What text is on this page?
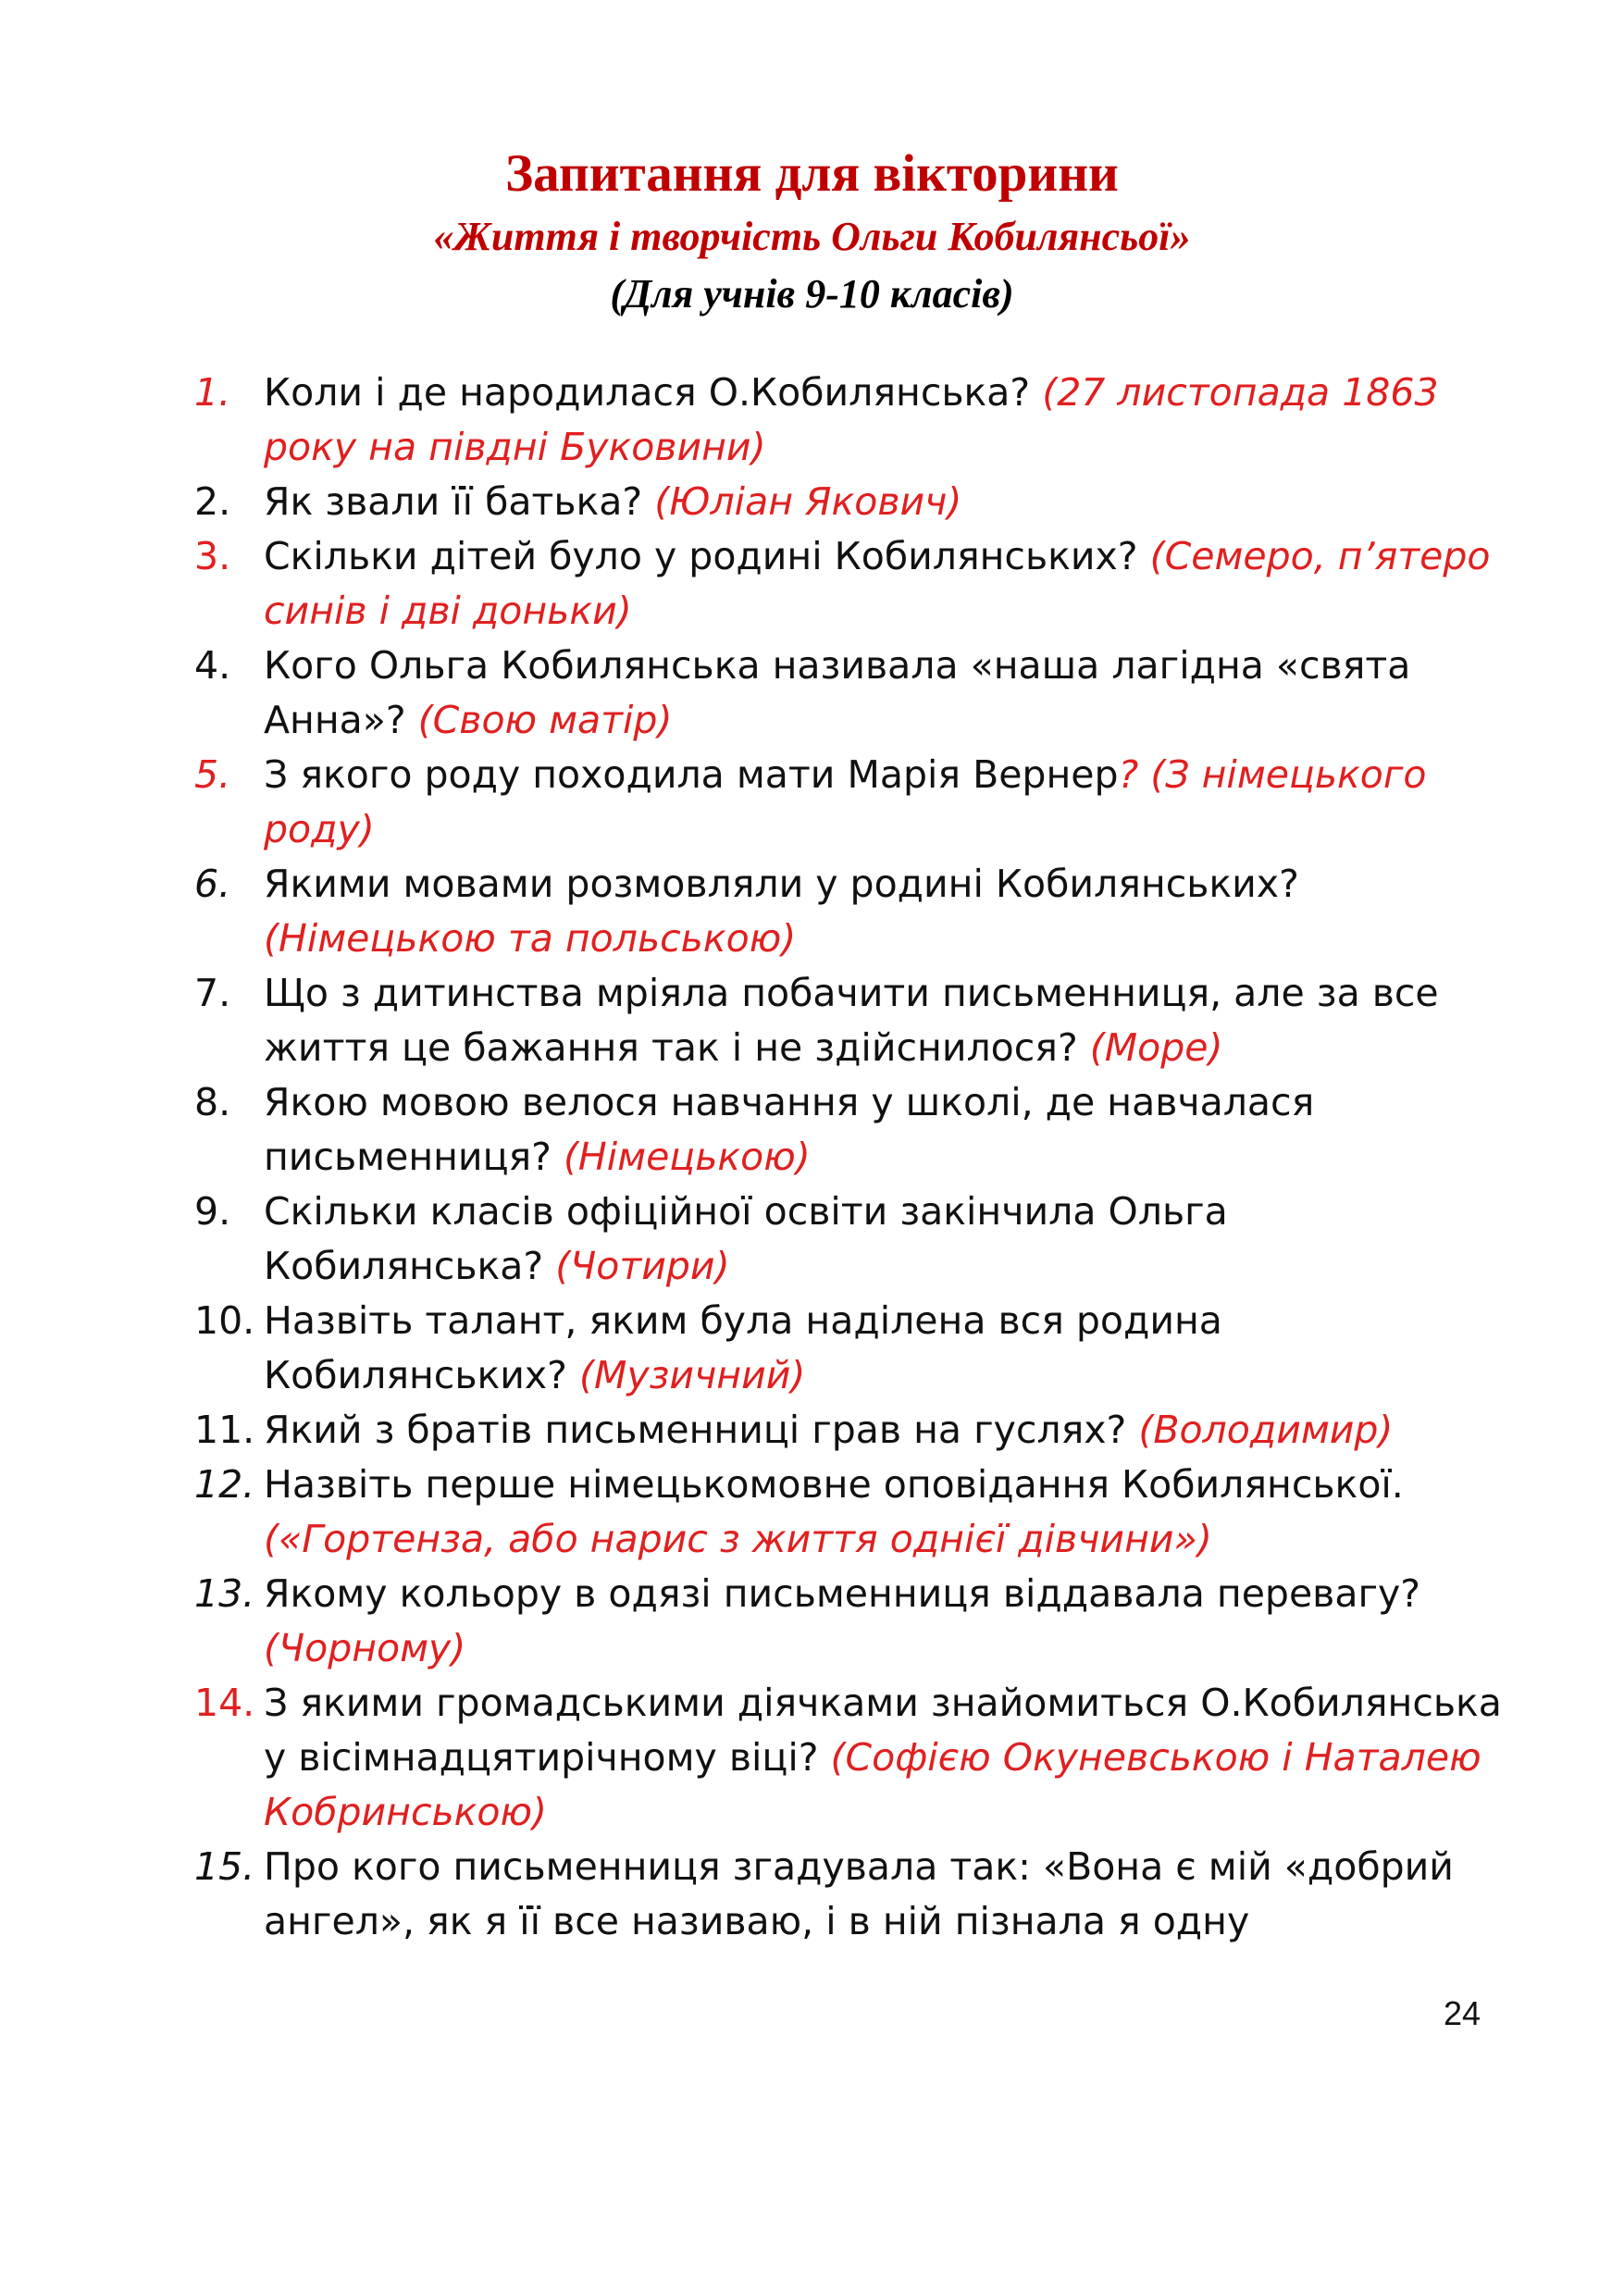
Запитання для вікторини
«Життя і творчість Ольги Кобилянсьої»
(Для учнів 9-10 класів)
1. Коли і де народилася О.Кобилянська? (27 листопада 1863 року на півдні Буковини)
2. Як звали її батька? (Юліан Якович)
3. Скільки дітей було у родині Кобилянських? (Семеро, п’ятеро синів і дві доньки)
4. Кого Ольга Кобилянська називала «наша лагідна «свята Анна»? (Свою матір)
5. З якого роду походила мати Марія Вернер? (З німецького роду)
6. Якими мовами розмовляли у родині Кобилянських? (Німецькою та польською)
7. Що з дитинства мріяла побачити письменниця, але за все життя це бажання так і не здійснилося? (Море)
8. Якою мовою велося навчання у школі, де навчалася письменниця? (Німецькою)
9. Скільки класів офіційної освіти закінчила Ольга Кобилянська? (Чотири)
10. Назвіть талант, яким була наділена вся родина Кобилянських? (Музичний)
11. Який з братів письменниці грав на гуслях? (Володимир)
12. Назвіть перше німецькомовне оповідання Кобилянської. («Гортенза, або нарис з життя однієї дівчини»)
13. Якому кольору в одязі письменниця віддавала перевагу? (Чорному)
14. З якими громадськими діячками знайомиться О.Кобилянська у вісімнадцятирічному віці? (Софією Окуневською і Наталею Кобринською)
15. Про кого письменниця згадувала так: «Вона є мій «добрий ангел», як я її все називаю, і в ній пізнала я одну
24
